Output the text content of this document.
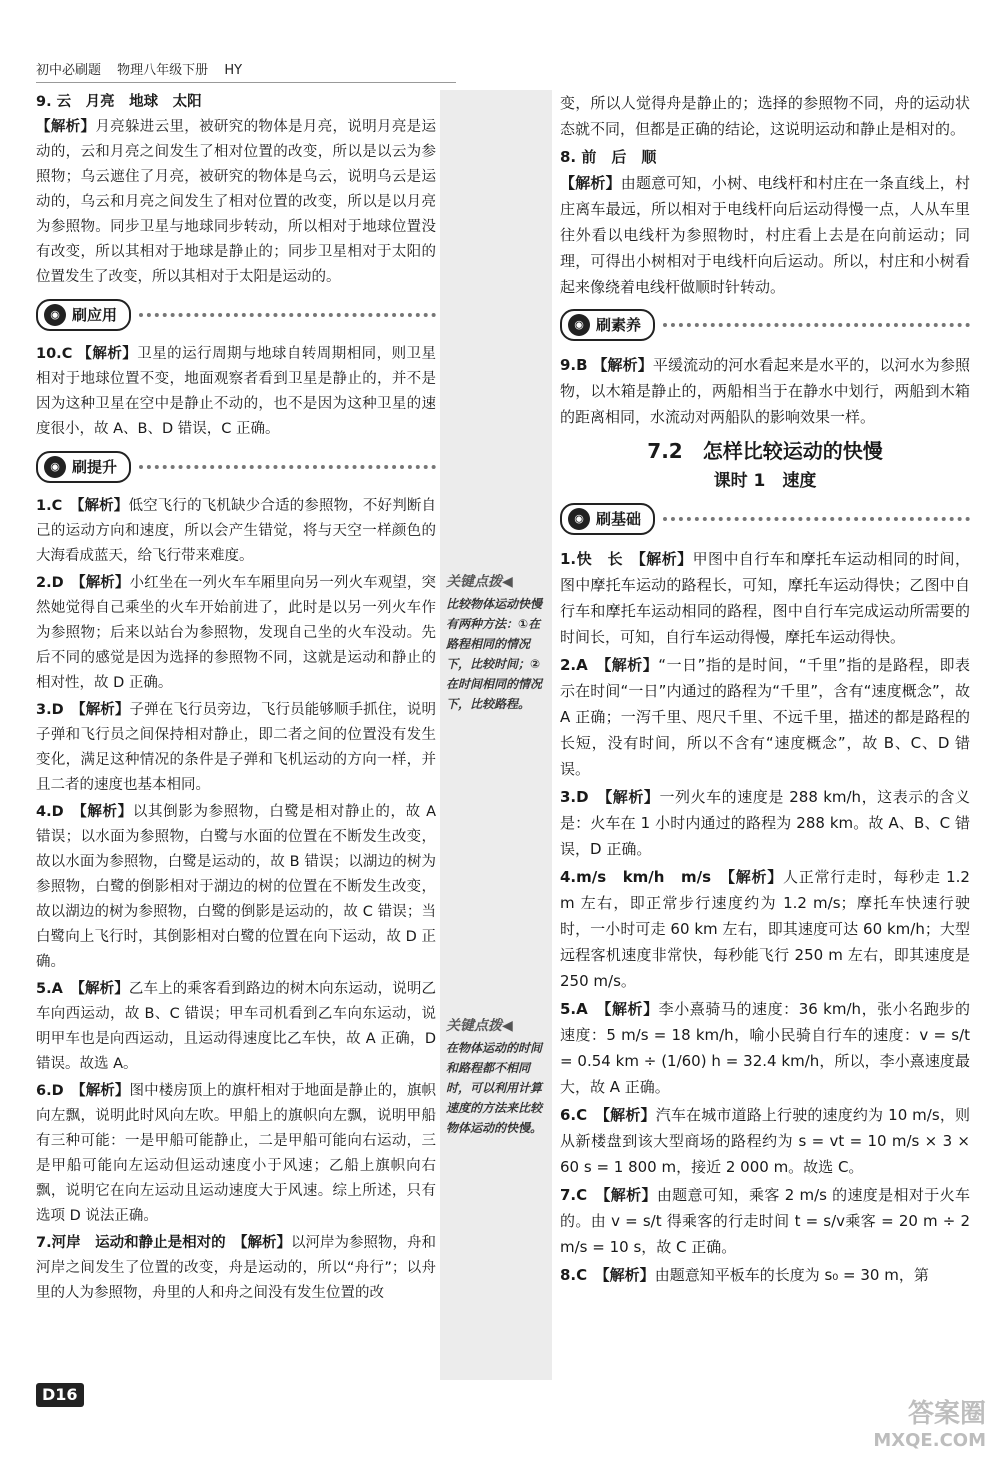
初中必刷题 物理八年级下册 HY
9. 云　月亮　地球　太阳
【解析】月亮躲进云里，被研究的物体是月亮，说明月亮是运动的，云和月亮之间发生了相对位置的改变，所以是以云为参照物；乌云遮住了月亮，被研究的物体是乌云，说明乌云是运动的，乌云和月亮之间发生了相对位置的改变，所以是以月亮为参照物。同步卫星与地球同步转动，所以相对于地球位置没有改变，所以其相对于地球是静止的；同步卫星相对于太阳的位置发生了改变，所以其相对于太阳是运动的。
◉ 刷应用
10.C 【解析】卫星的运行周期与地球自转周期相同，则卫星相对于地球位置不变，地面观察者看到卫星是静止的，并不是因为这种卫星在空中是静止不动的，也不是因为这种卫星的速度很小，故 A、B、D 错误，C 正确。
◉ 刷提升
1.C　 【解析】低空飞行的飞机缺少合适的参照物，不好判断自己的运动方向和速度，所以会产生错觉，将与天空一样颜色的大海看成蓝天，给飞行带来难度。
2.D　 【解析】小红坐在一列火车车厢里向另一列火车观望，突然她觉得自己乘坐的火车开始前进了，此时是以另一列火车作为参照物；后来以站台为参照物，发现自己坐的火车没动。先后不同的感觉是因为选择的参照物不同，这就是运动和静止的相对性，故 D 正确。
3.D　 【解析】子弹在飞行员旁边，飞行员能够顺手抓住，说明子弹和飞行员之间保持相对静止，即二者之间的位置没有发生变化，满足这种情况的条件是子弹和飞机运动的方向一样，并且二者的速度也基本相同。
4.D　 【解析】以其倒影为参照物，白鹭是相对静止的，故 A 错误；以水面为参照物，白鹭与水面的位置在不断发生改变，故以水面为参照物，白鹭是运动的，故 B 错误；以湖边的树为参照物，白鹭的倒影相对于湖边的树的位置在不断发生改变，故以湖边的树为参照物，白鹭的倒影是运动的，故 C 错误；当白鹭向上飞行时，其倒影相对白鹭的位置在向下运动，故 D 正确。
5.A　 【解析】乙车上的乘客看到路边的树木向东运动，说明乙车向西运动，故 B、C 错误；甲车司机看到乙车向东运动，说明甲车也是向西运动，且运动得速度比乙车快，故 A 正确，D 错误。故选 A。
6.D　 【解析】图中楼房顶上的旗杆相对于地面是静止的，旗帜向左飘，说明此时风向左吹。甲船上的旗帜向左飘，说明甲船有三种可能：一是甲船可能静止，二是甲船可能向右运动，三是甲船可能向左运动但运动速度小于风速；乙船上旗帜向右飘，说明它在向左运动且运动速度大于风速。综上所述，只有选项 D 说法正确。
7.河岸　运动和静止是相对的　 【解析】以河岸为参照物，舟和河岸之间发生了位置的改变，舟是运动的，所以“舟行”；以舟里的人为参照物，舟里的人和舟之间没有发生位置的改
关键点拨◀
比较物体运动快慢有两种方法：①在路程相同的情况下，比较时间；②在时间相同的情况下，比较路程。
关键点拨◀
在物体运动的时间和路程都不相同时，可以利用计算速度的方法来比较物体运动的快慢。
变，所以人觉得舟是静止的；选择的参照物不同，舟的运动状态就不同，但都是正确的结论，这说明运动和静止是相对的。
8. 前　后　顺
【解析】由题意可知，小树、电线杆和村庄在一条直线上，村庄离车最远，所以相对于电线杆向后运动得慢一点，人从车里往外看以电线杆为参照物时，村庄看上去是在向前运动；同理，可得出小树相对于电线杆向后运动。所以，村庄和小树看起来像绕着电线杆做顺时针转动。
◉ 刷素养
9.B 【解析】平缓流动的河水看起来是水平的，以河水为参照物，以木箱是静止的，两船相当于在静水中划行，两船到木箱的距离相同，水流动对两船队的影响效果一样。
7.2　怎样比较运动的快慢
课时 1　速度
◉ 刷基础
1.快　长　 【解析】甲图中自行车和摩托车运动相同的时间，图中摩托车运动的路程长，可知，摩托车运动得快；乙图中自行车和摩托车运动相同的路程，图中自行车完成运动所需要的时间长，可知，自行车运动得慢，摩托车运动得快。
2.A　 【解析】“一日”指的是时间，“千里”指的是路程，即表示在时间“一日”内通过的路程为“千里”，含有“速度概念”，故 A 正确；一泻千里、咫尺千里、不远千里，描述的都是路程的长短，没有时间，所以不含有“速度概念”，故 B、C、D 错误。
3.D　 【解析】一列火车的速度是 288 km/h，这表示的含义是：火车在 1 小时内通过的路程为 288 km。故 A、B、C 错误，D 正确。
4.m/s　km/h　m/s　 【解析】人正常行走时，每秒走 1.2 m 左右，即正常步行速度约为 1.2 m/s；摩托车快速行驶时，一小时可走 60 km 左右，即其速度可达 60 km/h；大型远程客机速度非常快，每秒能飞行 250 m 左右，即其速度是 250 m/s。
5.A　 【解析】李小熹骑马的速度：36 km/h，张小名跑步的速度：5 m/s = 18 km/h，喻小民骑自行车的速度：v = s/t = 0.54 km ÷ (1/60) h = 32.4 km/h，所以，李小熹速度最大，故 A 正确。
6.C　 【解析】汽车在城市道路上行驶的速度约为 10 m/s，则从新楼盘到该大型商场的路程约为 s = vt = 10 m/s × 3 × 60 s = 1 800 m，接近 2 000 m。故选 C。
7.C　 【解析】由题意可知，乘客 2 m/s 的速度是相对于火车的。由 v = s/t 得乘客的行走时间 t = s/v乘客 = 20 m ÷ 2 m/s = 10 s，故 C 正确。
8.C　 【解析】由题意知平板车的长度为 s₀ = 30 m，第
D16
答案圈
MXQE.COM
